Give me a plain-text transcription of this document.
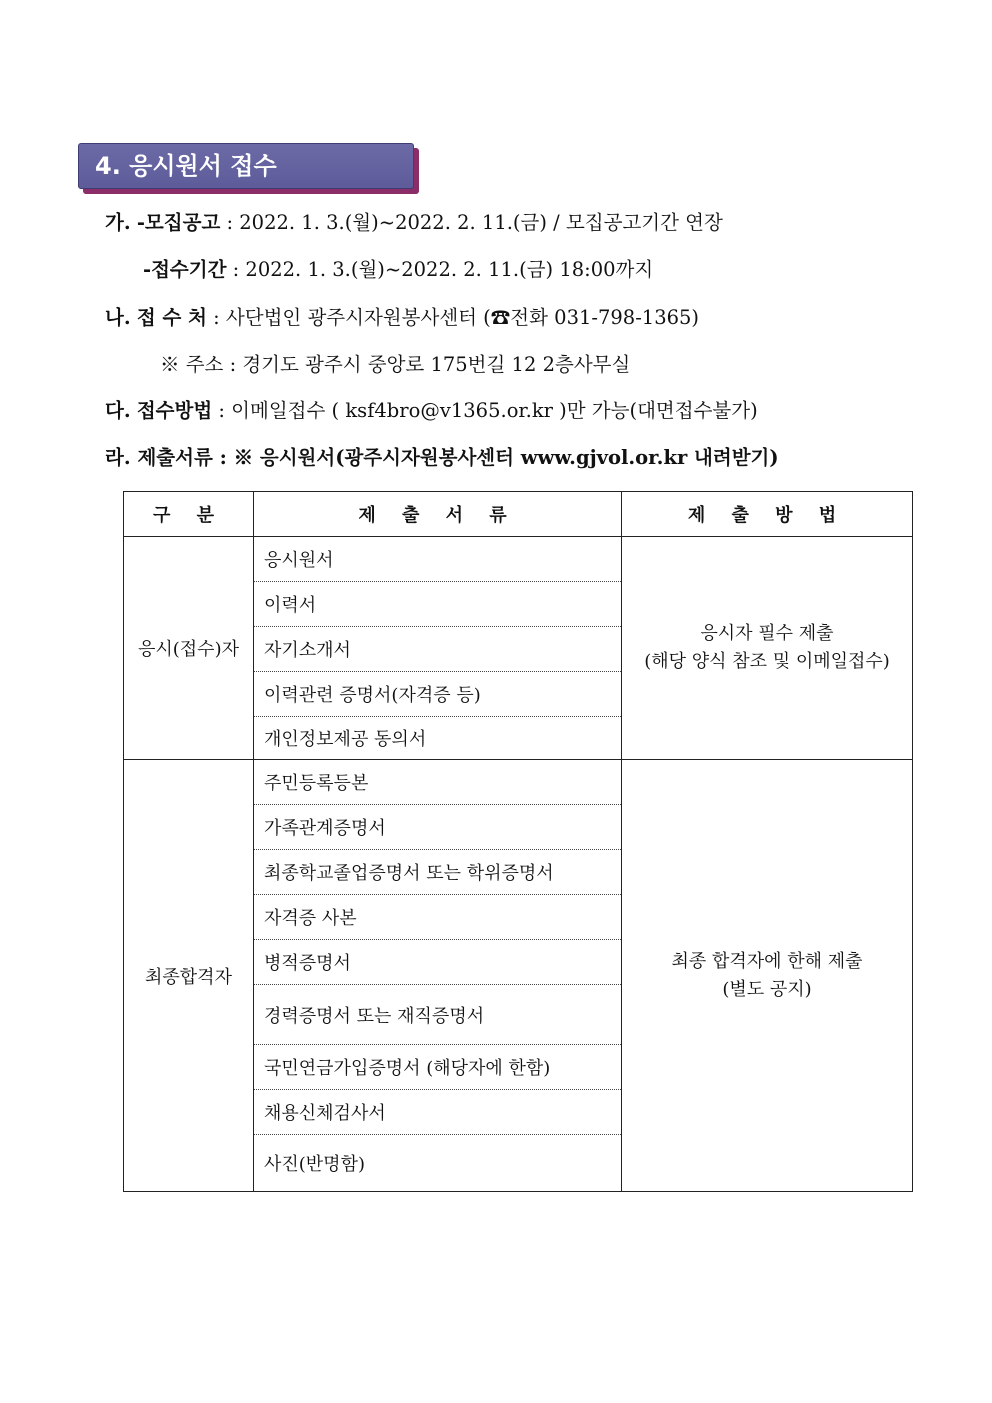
4. 응시원서 접수
가. -모집공고 : 2022. 1. 3.(월)~2022. 2. 11.(금) / 모집공고기간 연장
-접수기간 : 2022. 1. 3.(월)~2022. 2. 11.(금) 18:00까지
나. 접 수 처 : 사단법인 광주시자원봉사센터 (☎전화 031-798-1365)
※ 주소 : 경기도 광주시 중앙로 175번길 12 2층사무실
다. 접수방법 : 이메일접수 ( ksf4bro@v1365.or.kr )만 가능(대면접수불가)
라. 제출서류 : ※ 응시원서(광주시자원봉사센터 www.gjvol.or.kr 내려받기)
구 분	제 출 서 류	제 출 방 법
응시(접수)자	응시원서	응시자 필수 제출
(해당 양식 참조 및 이메일접수)

	이력서	
	자기소개서	
	이력관련 증명서(자격증 등)	
	개인정보제공 동의서	
최종합격자	주민등록등본	최종 합격자에 한해 제출
(별도 공지)

	가족관계증명서	
	최종학교졸업증명서 또는 학위증명서	
	자격증 사본	
	병적증명서	
	경력증명서 또는 재직증명서	
	국민연금가입증명서 (해당자에 한함)	
	채용신체검사서	
	사진(반명함)	
